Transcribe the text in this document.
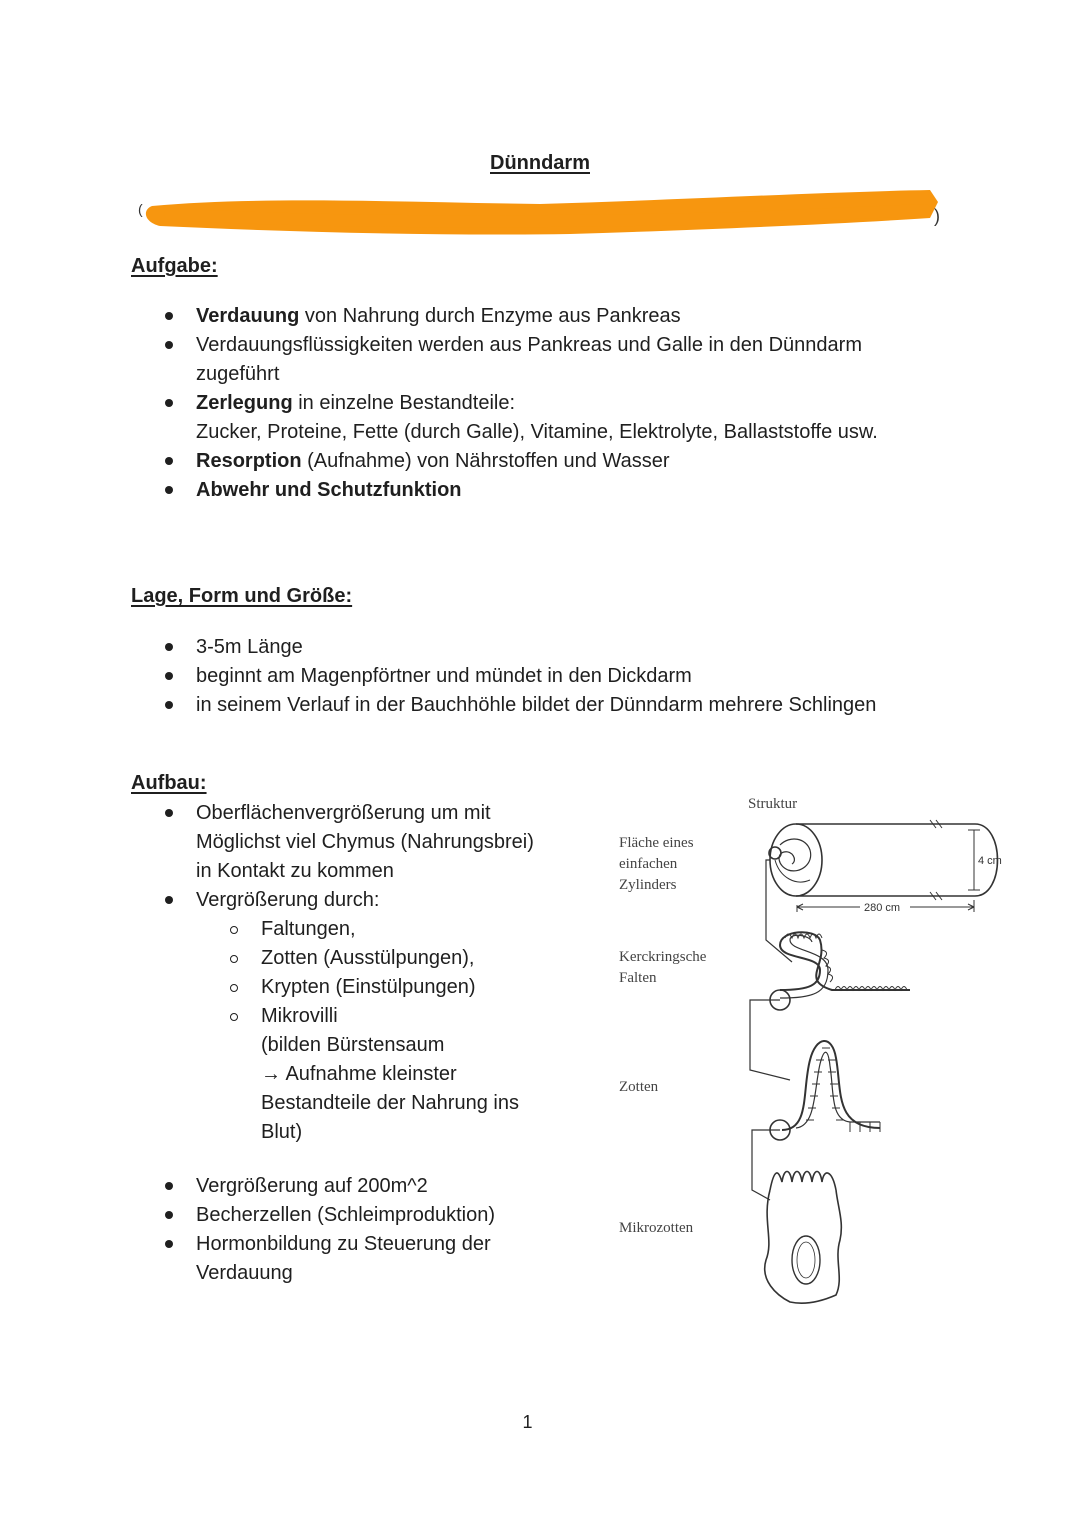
Dünndarm
(	)
Aufgabe:
Verdauung von Nahrung durch Enzyme aus Pankreas
Verdauungsflüssigkeiten werden aus Pankreas und Galle in den Dünndarm
zugeführt
Zerlegung in einzelne Bestandteile:
Zucker, Proteine, Fette (durch Galle), Vitamine, Elektrolyte, Ballaststoffe usw.
Resorption (Aufnahme) von Nährstoffen und Wasser
Abwehr und Schutzfunktion
Lage, Form und Größe:
3-5m Länge
beginnt am Magenpförtner und mündet in den Dickdarm
in seinem Verlauf in der Bauchhöhle bildet der Dünndarm mehrere Schlingen
Aufbau:
Oberflächenvergrößerung um mit
Möglichst viel Chymus (Nahrungsbrei)
in Kontakt zu kommen
Vergrößerung durch:
Faltungen,
Zotten (Ausstülpungen),
Krypten (Einstülpungen)
Mikrovilli
(bilden Bürstensaum
→ Aufnahme kleinster
Bestandteile der Nahrung ins
Blut)
Vergrößerung auf 200m^2
Becherzellen (Schleimproduktion)
Hormonbildung zu Steuerung der
Verdauung
Struktur
Fläche eines
einfachen
Zylinders
Kerckringsche
Falten
Zotten
Mikrozotten
4 cm
280 cm
1
